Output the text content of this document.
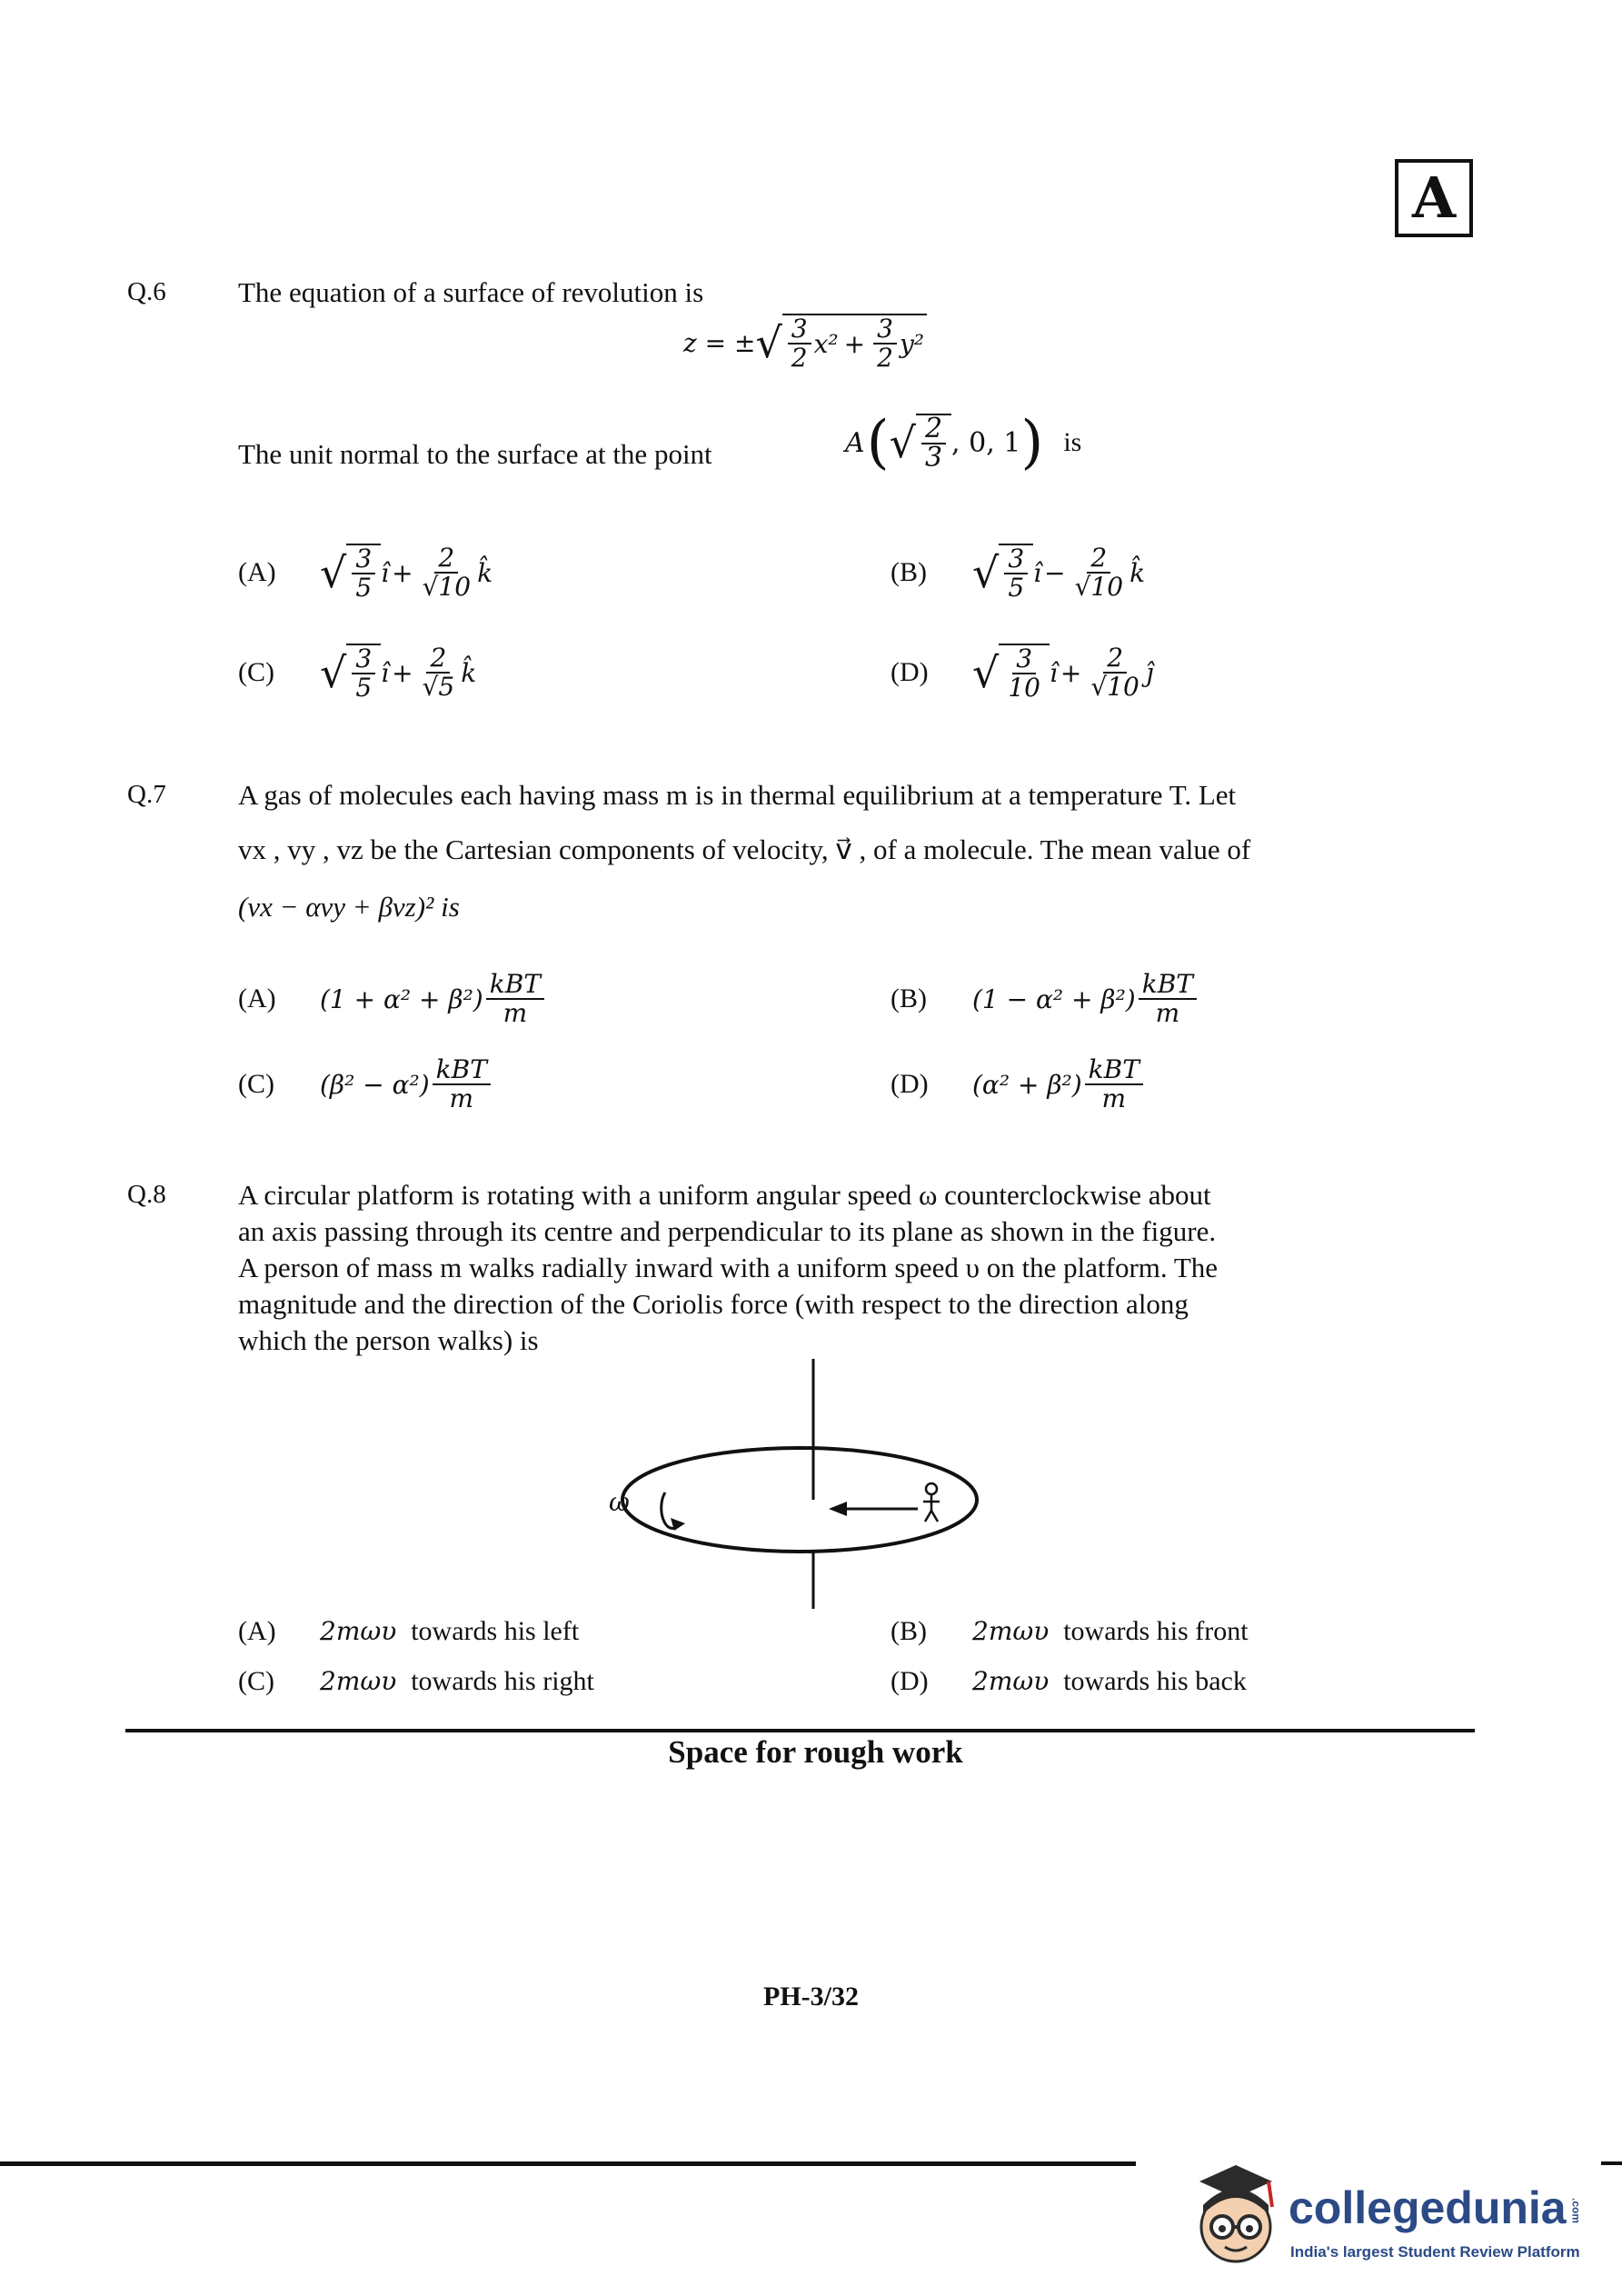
A
Q.6	The equation of a surface of revolution is
z = ± √ $\frac{3}{2} x^2 + \frac{3}{2} y^2$
The unit normal to the surface at the point	A ( √ $\frac{2}{3}$ , 0, 1 ) is
(A)	√ $\frac{3}{5}$ î + $\frac{2}{√10}$ k̂	(B)	√ $\frac{3}{5}$ î − $\frac{2}{√10}$ k̂
(C)	√ $\frac{3}{5}$ î + $\frac{2}{√5}$ k̂	(D)	√ $\frac{3}{10}$ î + $\frac{2}{√10}$ ĵ
Q.7	A gas of molecules each having mass m is in thermal equilibrium at a temperature T. Let
vx , vy , vz be the Cartesian components of velocity, v⃗ , of a molecule. The mean value of
(vx − αvy + βvz)² is
(A)	$(1 + \alpha^2 + \beta^2) \frac{\text{kBT}}{m}$	(B)	$(1 - \alpha^2 + \beta^2) \frac{\text{kBT}}{m}$
(C)	$(\beta^2 - \alpha^2) \frac{\text{kBT}}{m}$	(D)	$(\alpha^2 + \beta^2) \frac{\text{kBT}}{m}$
Q.8	A circular platform is rotating with a uniform angular speed ω counterclockwise about
an axis passing through its centre and perpendicular to its plane as shown in the figure.
A person of mass m walks radially inward with a uniform speed υ on the platform. The
magnitude and the direction of the Coriolis force (with respect to the direction along
which the person walks) is
ω
(A) 2mωυ towards his left	(B) 2mωυ towards his front
(C) 2mωυ towards his right	(D) 2mωυ towards his back
Space for rough work
PH-3/32
collegedunia .com
India's largest Student Review Platform
